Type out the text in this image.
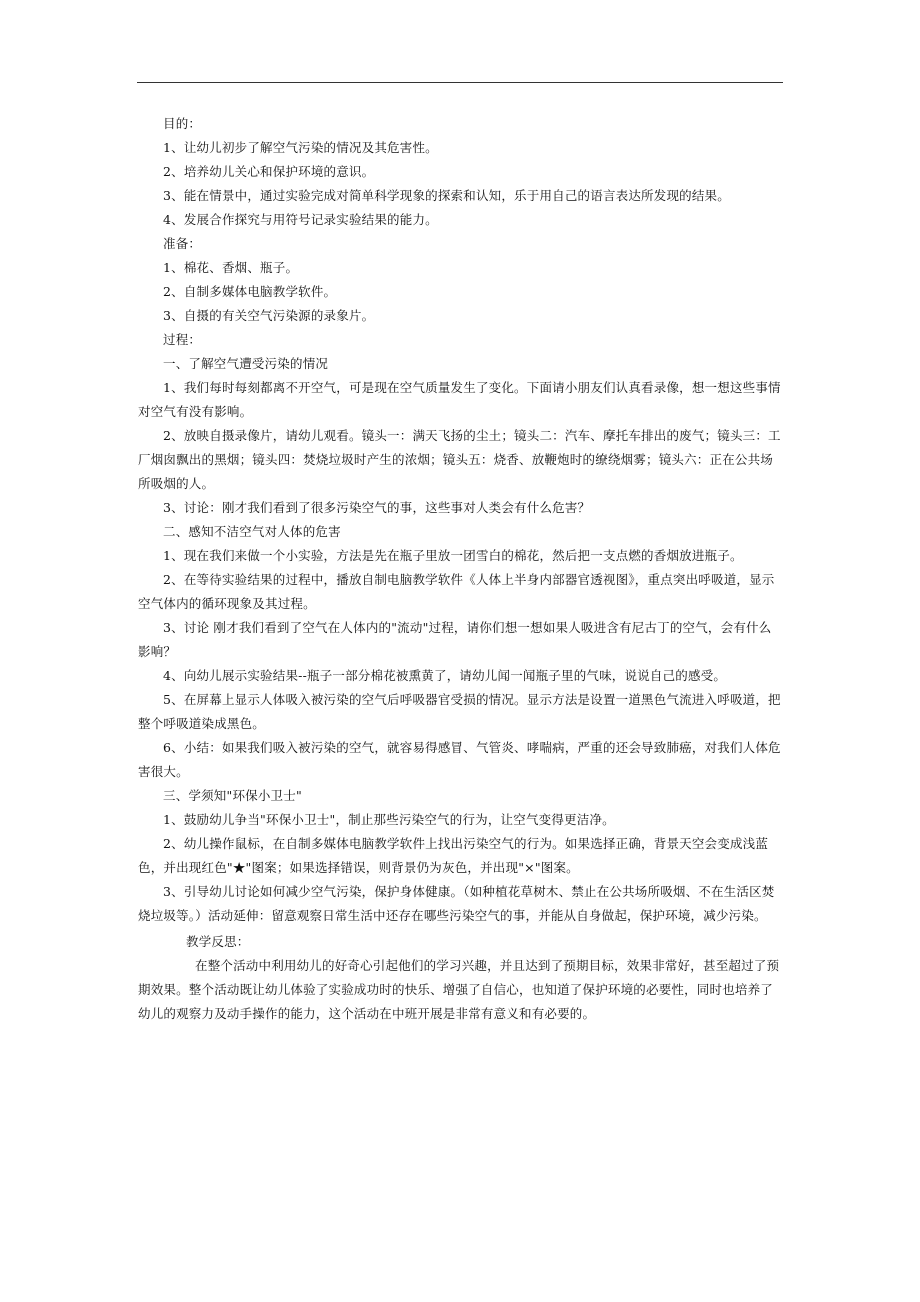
目的：

1、让幼儿初步了解空气污染的情况及其危害性。

2、培养幼儿关心和保护环境的意识。

3、能在情景中，通过实验完成对简单科学现象的探索和认知，乐于用自己的语言表达所发现的结果。

4、发展合作探究与用符号记录实验结果的能力。

准备：

1、棉花、香烟、瓶子。

2、自制多媒体电脑教学软件。

3、自摄的有关空气污染源的录象片。

过程：

一、了解空气遭受污染的情况

1、我们每时每刻都离不开空气，可是现在空气质量发生了变化。下面请小朋友们认真看录像，想一想这些事情对空气有没有影响。

2、放映自摄录像片，请幼儿观看。镜头一：满天飞扬的尘土；镜头二：汽车、摩托车排出的废气；镜头三：工厂烟囱飘出的黑烟；镜头四：焚烧垃圾时产生的浓烟；镜头五：烧香、放鞭炮时的缭绕烟雾；镜头六：正在公共场所吸烟的人。

3、讨论：刚才我们看到了很多污染空气的事，这些事对人类会有什么危害？

二、感知不洁空气对人体的危害

1、现在我们来做一个小实验，方法是先在瓶子里放一团雪白的棉花，然后把一支点燃的香烟放进瓶子。

2、在等待实验结果的过程中，播放自制电脑教学软件《人体上半身内部器官透视图》，重点突出呼吸道，显示空气体内的循环现象及其过程。

3、讨论 刚才我们看到了空气在人体内的"流动"过程，请你们想一想如果人吸进含有尼古丁的空气，会有什么影响？

4、向幼儿展示实验结果--瓶子一部分棉花被熏黄了，请幼儿闻一闻瓶子里的气味，说说自己的感受。

5、在屏幕上显示人体吸入被污染的空气后呼吸器官受损的情况。显示方法是设置一道黑色气流进入呼吸道，把整个呼吸道染成黑色。

6、小结：如果我们吸入被污染的空气，就容易得感冒、气管炎、哮喘病，严重的还会导致肺癌，对我们人体危害很大。

三、学须知"环保小卫士"

1、鼓励幼儿争当"环保小卫士"，制止那些污染空气的行为，让空气变得更洁净。

2、幼儿操作鼠标，在自制多媒体电脑教学软件上找出污染空气的行为。如果选择正确，背景天空会变成浅蓝色，并出现红色"★"图案；如果选择错误，则背景仍为灰色，并出现"×"图案。

3、引导幼儿讨论如何减少空气污染，保护身体健康。（如种植花草树木、禁止在公共场所吸烟、不在生活区焚烧垃圾等。）活动延伸：留意观察日常生活中还存在哪些污染空气的事，并能从自身做起，保护环境，减少污染。

教学反思：

在整个活动中利用幼儿的好奇心引起他们的学习兴趣，并且达到了预期目标，效果非常好，甚至超过了预期效果。整个活动既让幼儿体验了实验成功时的快乐、增强了自信心，也知道了保护环境的必要性，同时也培养了幼儿的观察力及动手操作的能力，这个活动在中班开展是非常有意义和有必要的。
